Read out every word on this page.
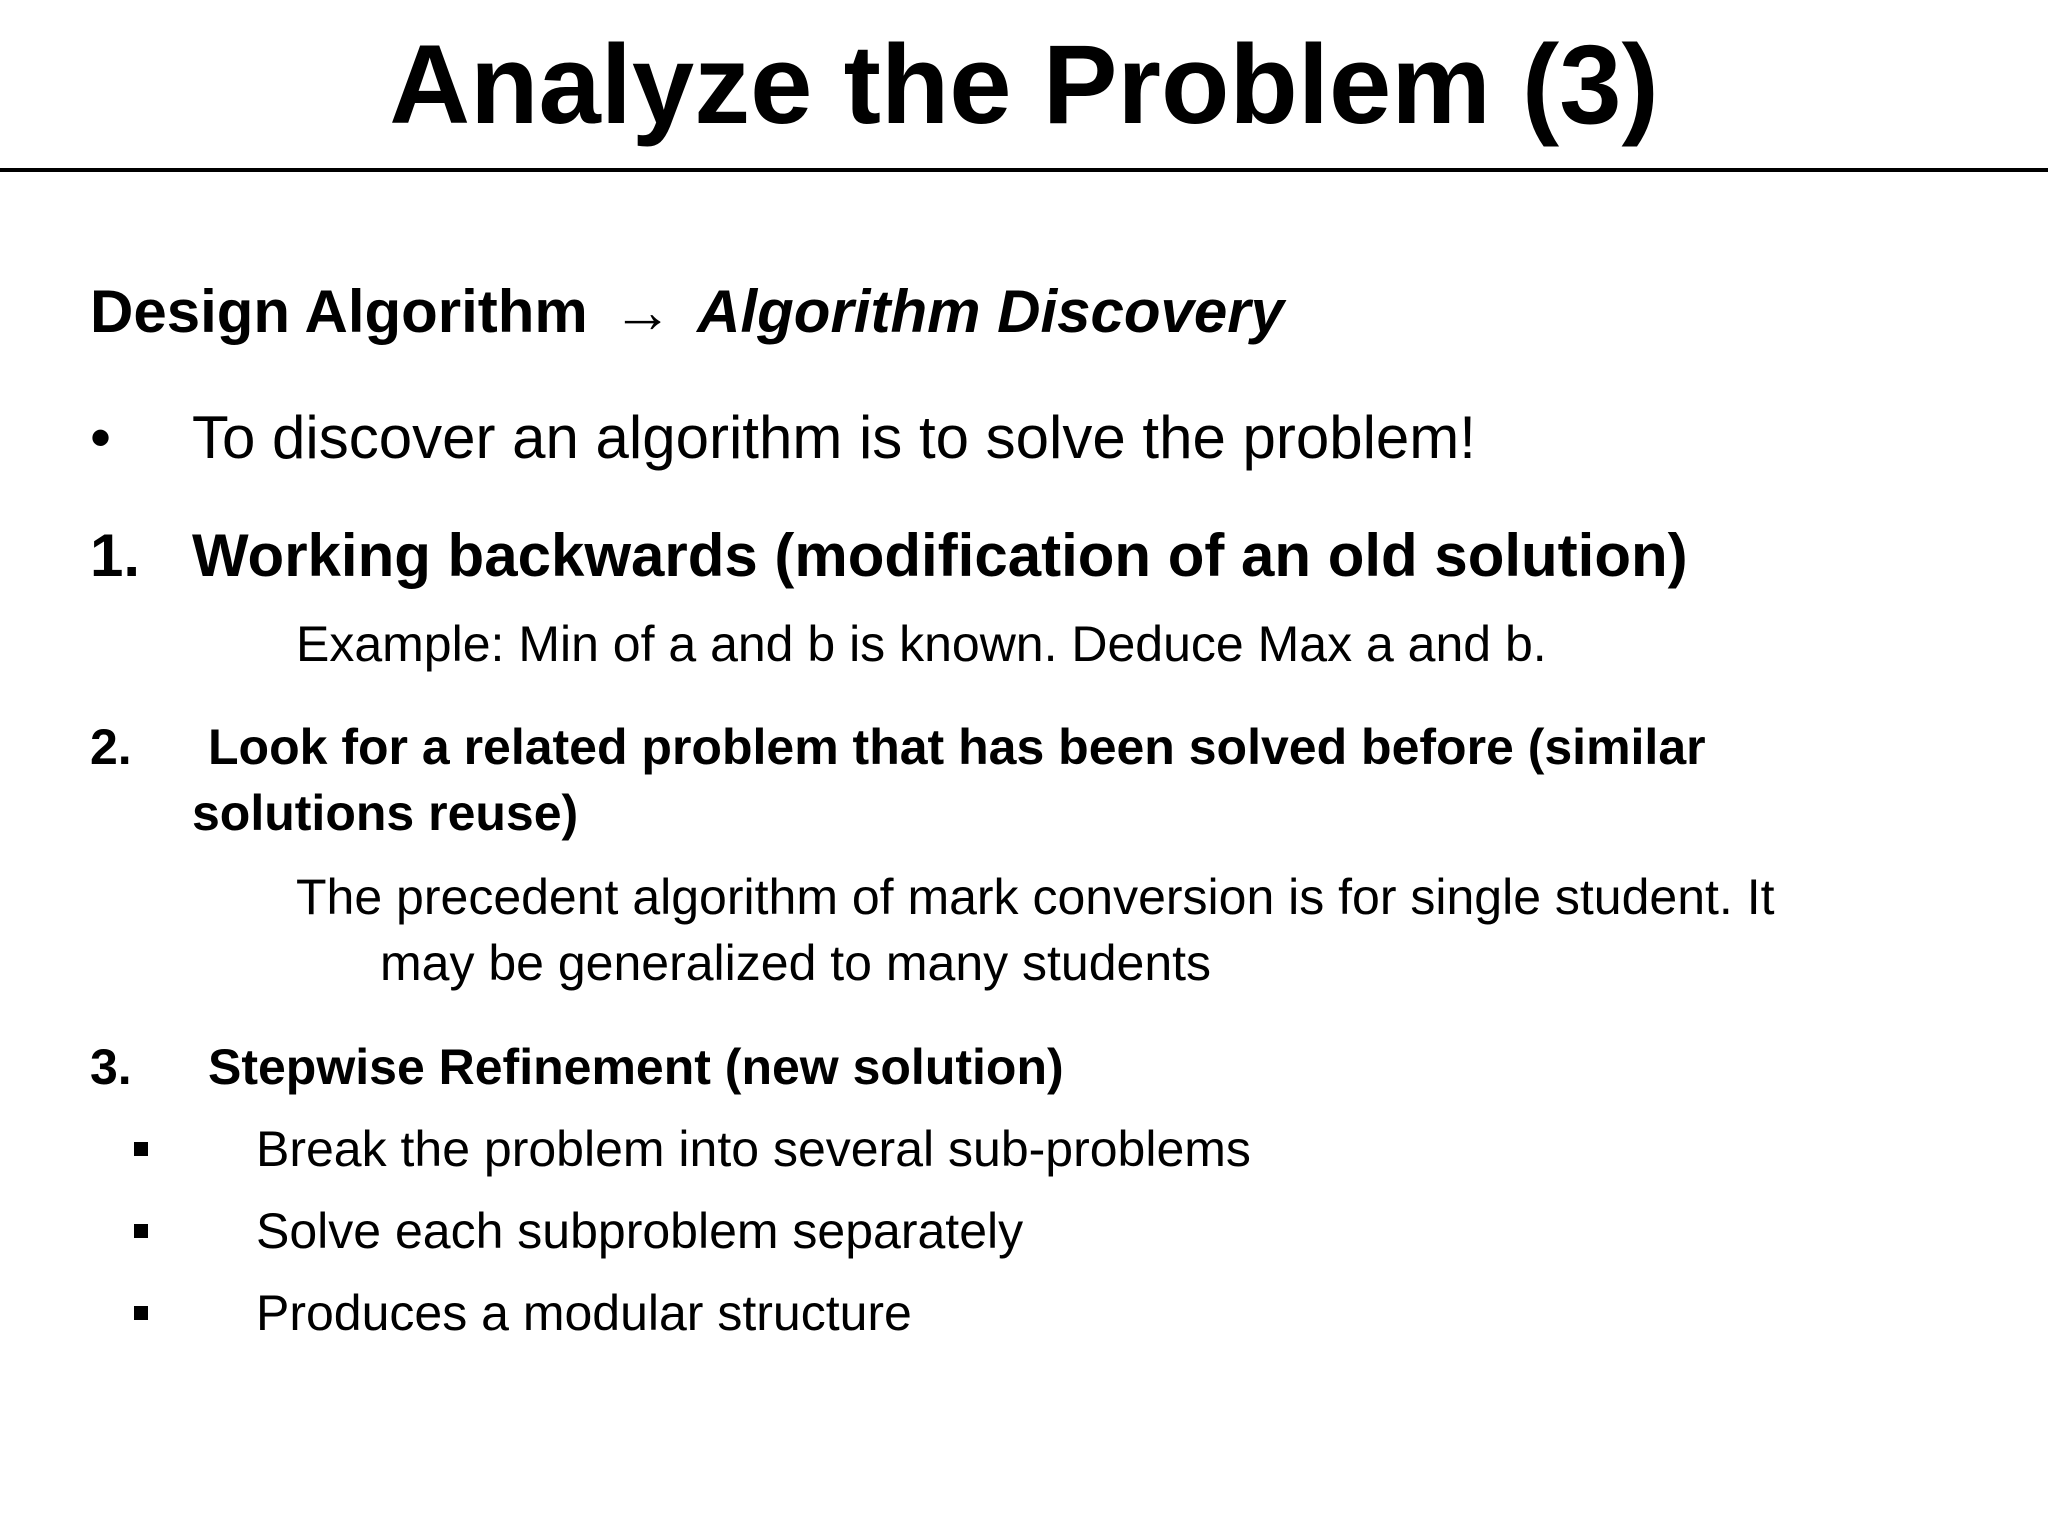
Analyze the Problem (3)
Design Algorithm → Algorithm Discovery
• To discover an algorithm is to solve the problem!
1. Working backwards (modification of an old solution)
Example: Min of a and b is known. Deduce Max a and b.
2. Look for a related problem that has been solved before (similar
solutions reuse)
The precedent algorithm of mark conversion is for single student. It
may be generalized to many students
3. Stepwise Refinement (new solution)
Break the problem into several sub-problems
Solve each subproblem separately
Produces a modular structure
